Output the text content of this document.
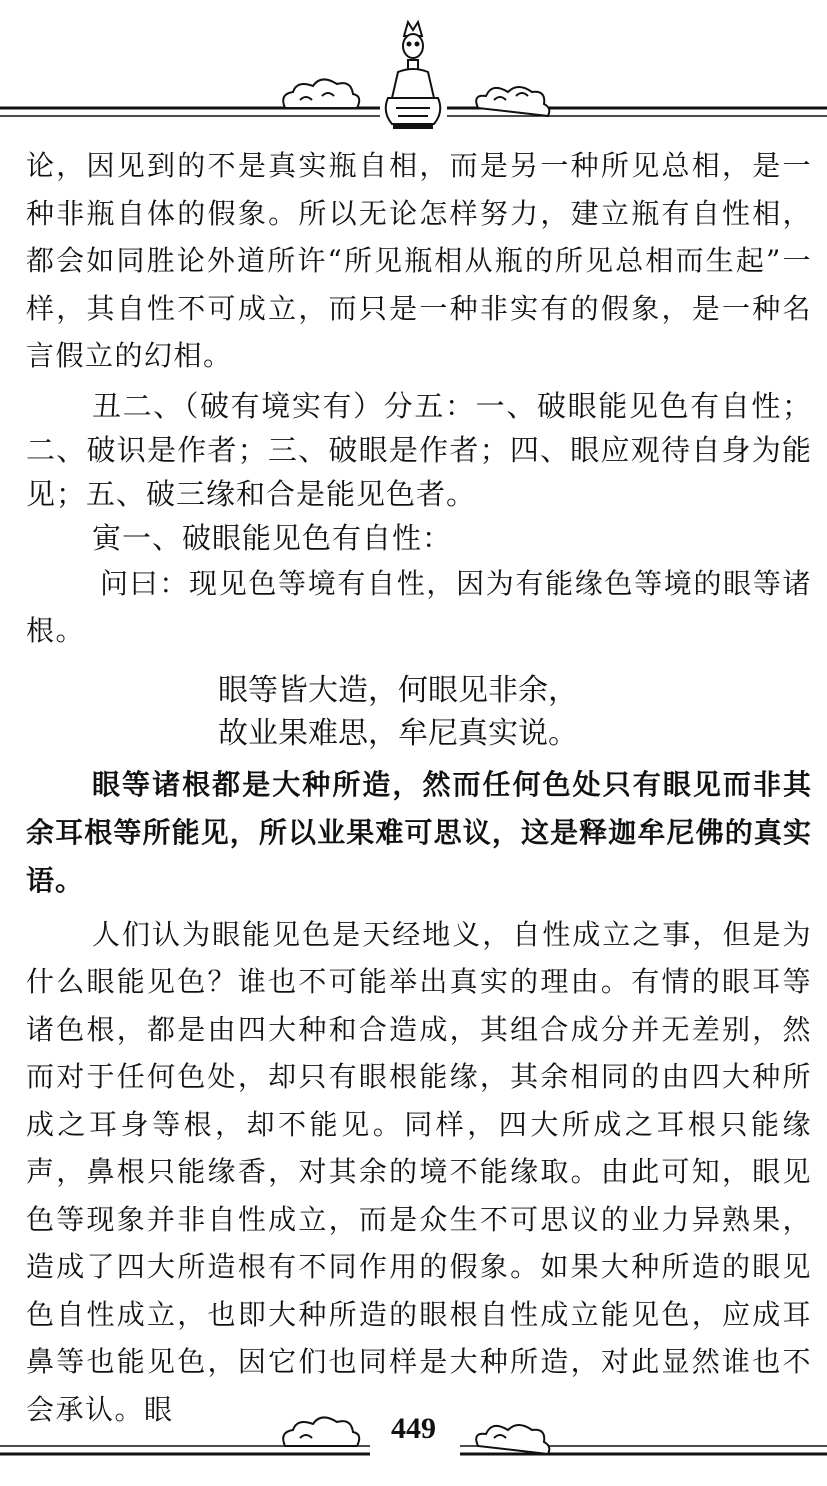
论，因见到的不是真实瓶自相，而是另一种所见总相，是一种非瓶自体的假象。所以无论怎样努力，建立瓶有自性相，都会如同胜论外道所许“所见瓶相从瓶的所见总相而生起”一样，其自性不可成立，而只是一种非实有的假象，是一种名言假立的幻相。

丑二、（破有境实有）分五：一、破眼能见色有自性；二、破识是作者；三、破眼是作者；四、眼应观待自身为能见；五、破三缘和合是能见色者。

寅一、破眼能见色有自性：

问曰：现见色等境有自性，因为有能缘色等境的眼等诸根。

眼等皆大造，何眼见非余，

故业果难思，牟尼真实说。

眼等诸根都是大种所造，然而任何色处只有眼见而非其余耳根等所能见，所以业果难可思议，这是释迦牟尼佛的真实语。

人们认为眼能见色是天经地义，自性成立之事，但是为什么眼能见色？谁也不可能举出真实的理由。有情的眼耳等诸色根，都是由四大种和合造成，其组合成分并无差别，然而对于任何色处，却只有眼根能缘，其余相同的由四大种所成之耳身等根，却不能见。同样，四大所成之耳根只能缘声，鼻根只能缘香，对其余的境不能缘取。由此可知，眼见色等现象并非自性成立，而是众生不可思议的业力异熟果，造成了四大所造根有不同作用的假象。如果大种所造的眼见色自性成立，也即大种所造的眼根自性成立能见色，应成耳鼻等也能见色，因它们也同样是大种所造，对此显然谁也不会承认。眼

449
